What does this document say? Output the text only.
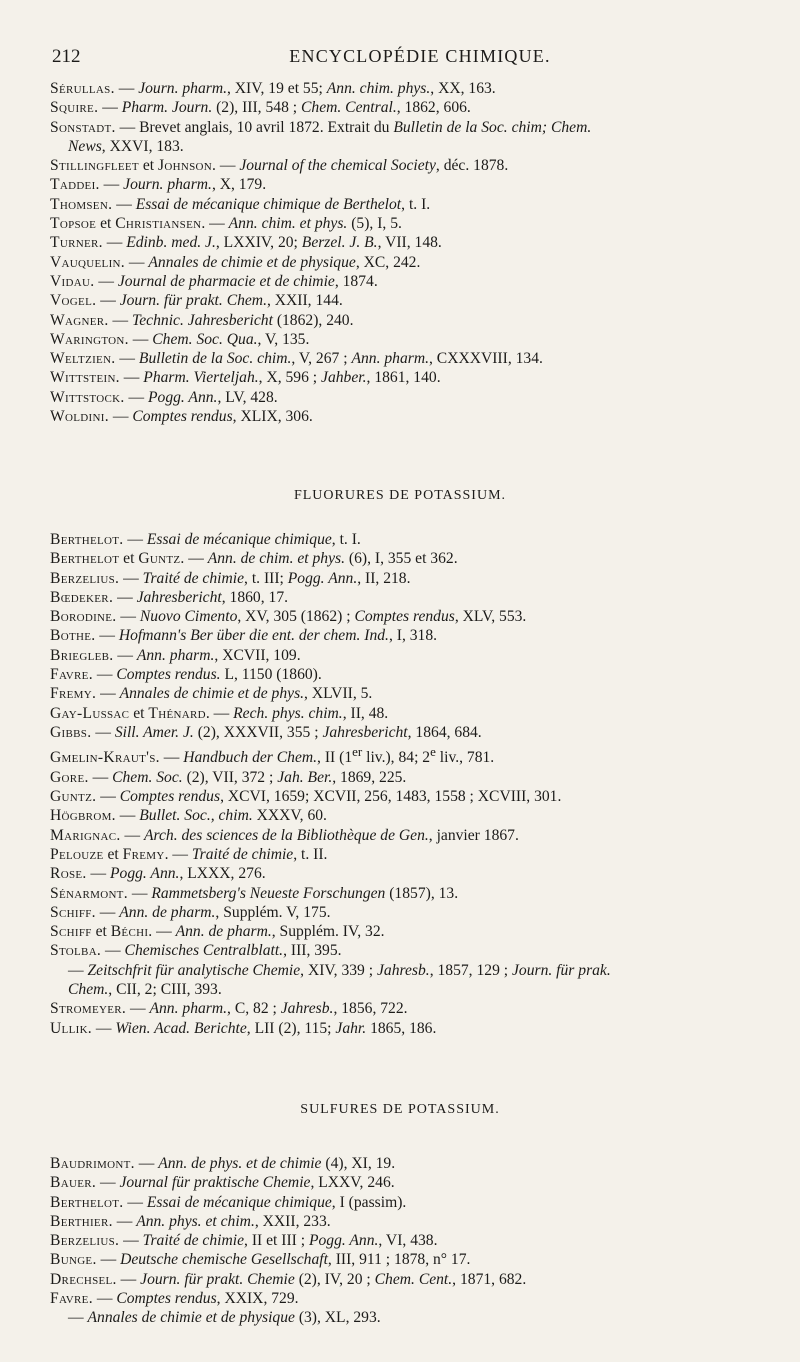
212	ENCYCLOPÉDIE CHIMIQUE.
Sérullas. — Journ. pharm., XIV, 19 et 55; Ann. chim. phys., XX, 163.
Squire. — Pharm. Journ. (2), III, 548 ; Chem. Central., 1862, 606.
Sonstadt. — Brevet anglais, 10 avril 1872. Extrait du Bulletin de la Soc. chim; Chem.
News, XXVI, 183.
Stillingfleet et Johnson. — Journal of the chemical Society, déc. 1878.
Taddei. — Journ. pharm., X, 179.
Thomsen. — Essai de mécanique chimique de Berthelot, t. I.
Topsoe et Christiansen. — Ann. chim. et phys. (5), I, 5.
Turner. — Edinb. med. J., LXXIV, 20; Berzel. J. B., VII, 148.
Vauquelin. — Annales de chimie et de physique, XC, 242.
Vidau. — Journal de pharmacie et de chimie, 1874.
Vogel. — Journ. für prakt. Chem., XXII, 144.
Wagner. — Technic. Jahresbericht (1862), 240.
Warington. — Chem. Soc. Qua., V, 135.
Weltzien. — Bulletin de la Soc. chim., V, 267 ; Ann. pharm., CXXXVIII, 134.
Wittstein. — Pharm. Vierteljah., X, 596 ; Jahber., 1861, 140.
Wittstock. — Pogg. Ann., LV, 428.
Woldini. — Comptes rendus, XLIX, 306.
FLUORURES DE POTASSIUM.
Berthelot. — Essai de mécanique chimique, t. I.
Berthelot et Guntz. — Ann. de chim. et phys. (6), I, 355 et 362.
Berzelius. — Traité de chimie, t. III; Pogg. Ann., II, 218.
Bœdeker. — Jahresbericht, 1860, 17.
Borodine. — Nuovo Cimento, XV, 305 (1862) ; Comptes rendus, XLV, 553.
Bothe. — Hofmann's Ber über die ent. der chem. Ind., I, 318.
Briegleb. — Ann. pharm., XCVII, 109.
Favre. — Comptes rendus. L, 1150 (1860).
Fremy. — Annales de chimie et de phys., XLVII, 5.
Gay-Lussac et Thénard. — Rech. phys. chim., II, 48.
Gibbs. — Sill. Amer. J. (2), XXXVII, 355 ; Jahresbericht, 1864, 684.
Gmelin-Kraut's. — Handbuch der Chem., II (1er liv.), 84; 2e liv., 781.
Gore. — Chem. Soc. (2), VII, 372 ; Jah. Ber., 1869, 225.
Guntz. — Comptes rendus, XCVI, 1659; XCVII, 256, 1483, 1558 ; XCVIII, 301.
Högbrom. — Bullet. Soc., chim. XXXV, 60.
Marignac. — Arch. des sciences de la Bibliothèque de Gen., janvier 1867.
Pelouze et Fremy. — Traité de chimie, t. II.
Rose. — Pogg. Ann., LXXX, 276.
Sénarmont. — Rammetsberg's Neueste Forschungen (1857), 13.
Schiff. — Ann. de pharm., Supplém. V, 175.
Schiff et Béchi. — Ann. de pharm., Supplém. IV, 32.
Stolba. — Chemisches Centralblatt., III, 395.
— Zeitschfrit für analytische Chemie, XIV, 339 ; Jahresb., 1857, 129 ; Journ. für prak.
Chem., CII, 2; CIII, 393.
Stromeyer. — Ann. pharm., C, 82 ; Jahresb., 1856, 722.
Ullik. — Wien. Acad. Berichte, LII (2), 115; Jahr. 1865, 186.
SULFURES DE POTASSIUM.
Baudrimont. — Ann. de phys. et de chimie (4), XI, 19.
Bauer. — Journal für praktische Chemie, LXXV, 246.
Berthelot. — Essai de mécanique chimique, I (passim).
Berthier. — Ann. phys. et chim., XXII, 233.
Berzelius. — Traité de chimie, II et III ; Pogg. Ann., VI, 438.
Bunge. — Deutsche chemische Gesellschaft, III, 911 ; 1878, n° 17.
Drechsel. — Journ. für prakt. Chemie (2), IV, 20 ; Chem. Cent., 1871, 682.
Favre. — Comptes rendus, XXIX, 729.
— Annales de chimie et de physique (3), XL, 293.
